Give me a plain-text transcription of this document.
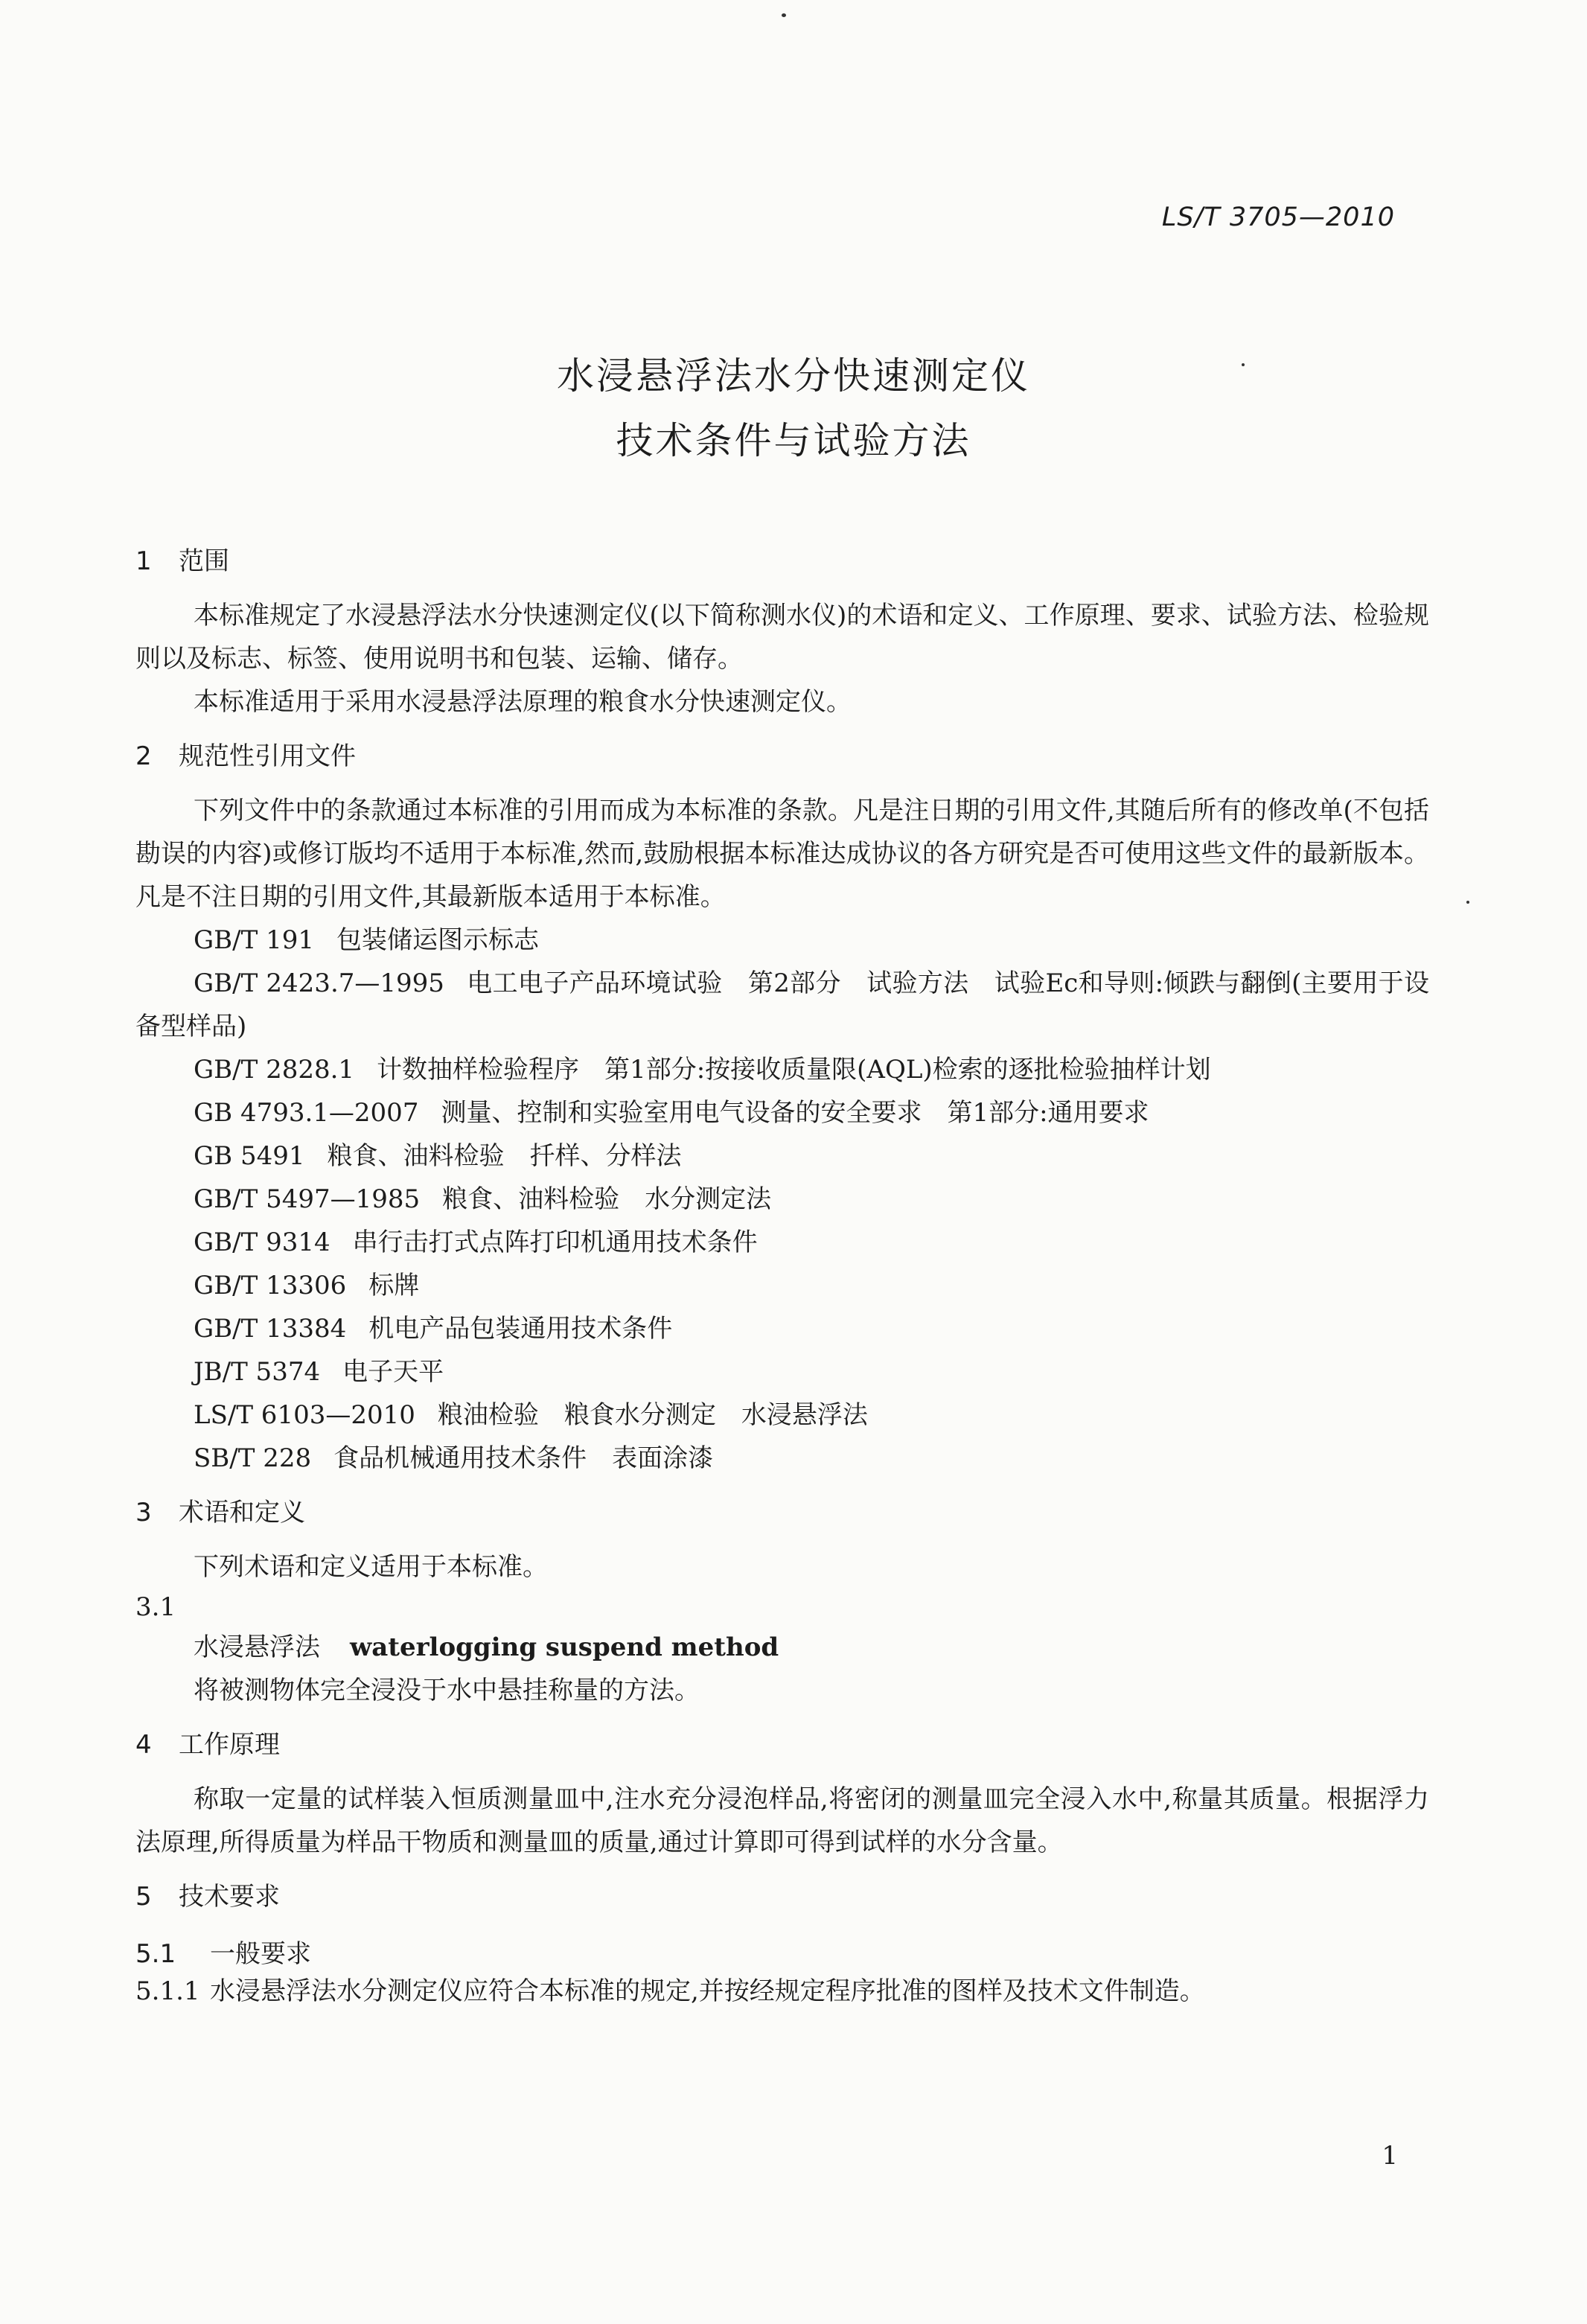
LS/T 3705—2010
水浸悬浮法水分快速测定仪
技术条件与试验方法
1 范围

本标准规定了水浸悬浮法水分快速测定仪(以下简称测水仪)的术语和定义、工作原理、要求、试验方法、检验规则以及标志、标签、使用说明书和包装、运输、储存。

本标准适用于采用水浸悬浮法原理的粮食水分快速测定仪。

2 规范性引用文件

下列文件中的条款通过本标准的引用而成为本标准的条款。凡是注日期的引用文件,其随后所有的修改单(不包括勘误的内容)或修订版均不适用于本标准,然而,鼓励根据本标准达成协议的各方研究是否可使用这些文件的最新版本。凡是不注日期的引用文件,其最新版本适用于本标准。

GB/T 191 包装储运图示标志
GB/T 2423.7—1995 电工电子产品环境试验　第2部分　试验方法　试验Ec和导则:倾跌与翻倒(主要用于设备型样品)
GB/T 2828.1 计数抽样检验程序　第1部分:按接收质量限(AQL)检索的逐批检验抽样计划
GB 4793.1—2007 测量、控制和实验室用电气设备的安全要求　第1部分:通用要求
GB 5491 粮食、油料检验　扦样、分样法
GB/T 5497—1985 粮食、油料检验　水分测定法
GB/T 9314 串行击打式点阵打印机通用技术条件
GB/T 13306 标牌
GB/T 13384 机电产品包装通用技术条件
JB/T 5374 电子天平
LS/T 6103—2010 粮油检验　粮食水分测定　水浸悬浮法
SB/T 228 食品机械通用技术条件　表面涂漆
3 术语和定义

下列术语和定义适用于本标准。

3.1
水浸悬浮法 waterlogging suspend method

将被测物体完全浸没于水中悬挂称量的方法。

4 工作原理

称取一定量的试样装入恒质测量皿中,注水充分浸泡样品,将密闭的测量皿完全浸入水中,称量其质量。根据浮力法原理,所得质量为样品干物质和测量皿的质量,通过计算即可得到试样的水分含量。

5 技术要求
5.1 一般要求
5.1.1 水浸悬浮法水分测定仪应符合本标准的规定,并按经规定程序批准的图样及技术文件制造。
1
